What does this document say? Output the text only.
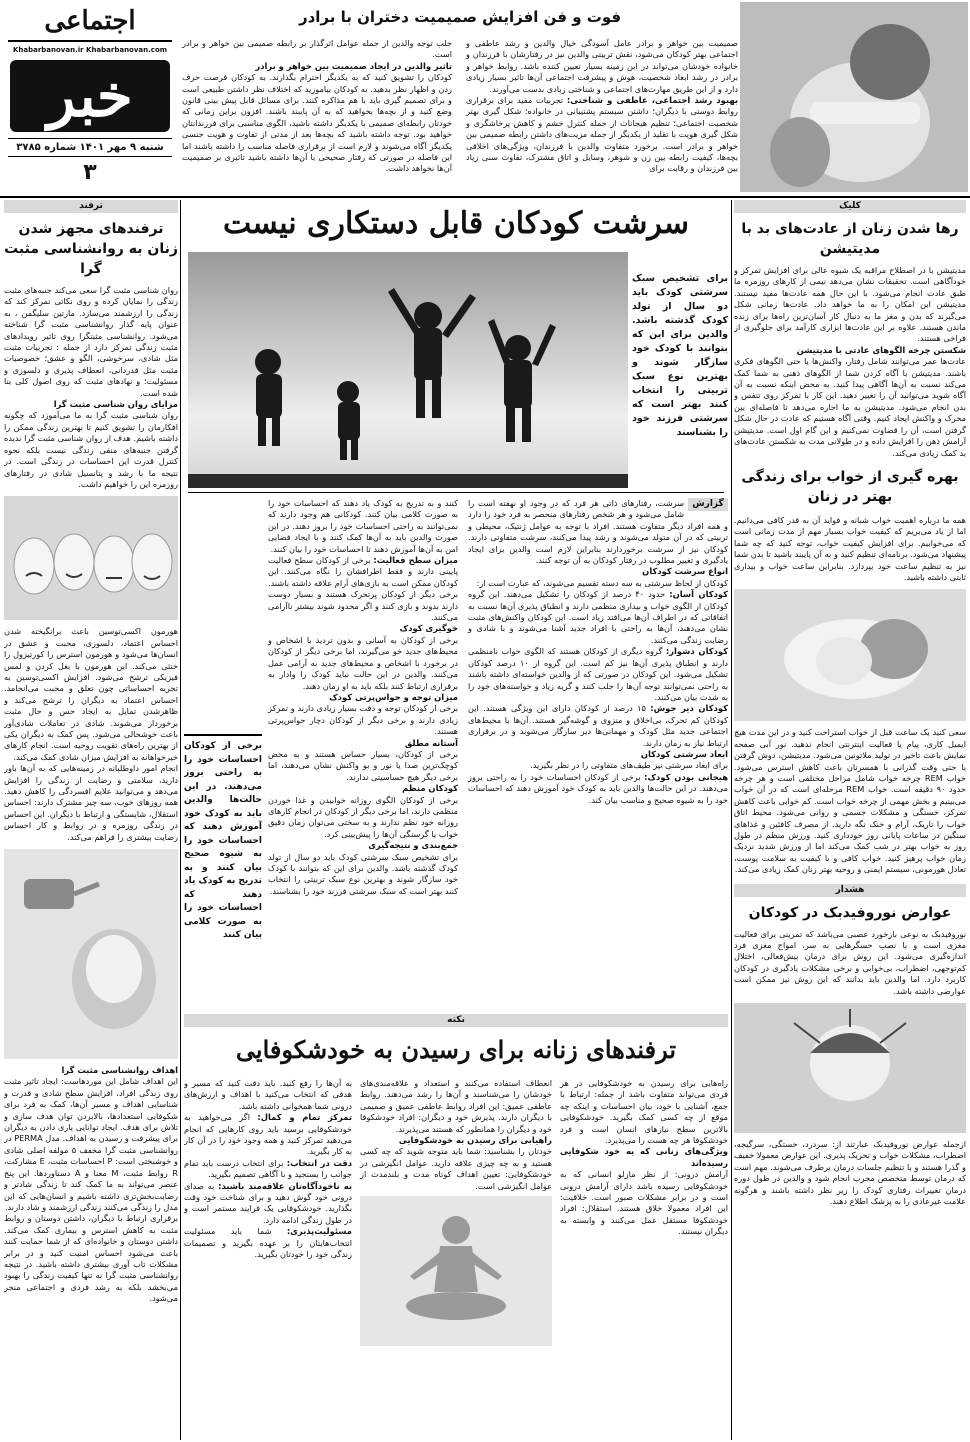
اجتماعی
Khabarbanovan.ir Khabarbanovan.com
خبر
شنبه ۹ مهر ۱۴۰۱ شماره ۳۷۸۵
۳
فوت و فن افزایش صمیمیت دختران با برادر

صمیمیت بین خواهر و برادر عامل آسودگی خیال والدین و رشد عاطفی و اجتماعی بهتر کودکان می‌شود، نقش تربیتی والدین نیز در رفتارشان با فرزندان و خانواده خودشان می‌تواند در این زمینه بسیار تعیین کننده باشد. روابط خواهر و برادر در رشد ابعاد شخصیت، هوش و پیشرفت اجتماعی آن‌ها تاثیر بسیار زیادی دارد و از این طریق مهارت‌های اجتماعی و شناختی زیادی بدست می‌آورند.

بهبود رشد اجتماعی، عاطفی و شناختی: تجربیات مفید برای برقراری روابط دوستی با دیگران؛ داشتن سیستم پشتیبانی در خانواده؛ شکل گیری بهتر شخصیت اجتماعی؛ تنظیم هیجانات از جمله کنترل خشم و کاهش پرخاشگری و شکل گیری هویت با تقلید از یکدیگر از جمله مزیت‌های داشتن رابطه صمیمی بین خواهر و برادر است. برخورد متفاوت والدین با فرزندان، ویژگی‌های اخلاقی بچه‌ها، کیفیت رابطه بین زن و شوهر، وسایل و اتاق مشترک، تفاوت سنی زیاد بین فرزندان و رقابت برای

جلب توجه والدین از جمله عوامل اثرگذار بر رابطه صمیمی بین خواهر و برادر است.

تاثیر والدین در ایجاد صمیمیت بین خواهر و برادر

کودکان را تشویق کنید که به یکدیگر احترام بگذارند. به کودکان فرصت حرف زدن و اظهار نظر بدهید. به کودکان بیاموزید که اختلاف نظر داشتن طبیعی است و برای تصمیم گیری باید با هم مذاکره کنند. برای مسائل قابل پیش بینی قانون وضع کنید و از بچه‌ها بخواهید که به آن پایبند باشند. افزون براین زمانی که خودتان رابطه‌ای صمیمی با یکدیگر داشته باشید، الگوی مناسبی برای فرزندانتان خواهید بود. توجه داشته باشید که بچه‌ها بعد از مدتی از تفاوت و هویت جنسی یکدیگر آگاه می‌شوند و لازم است از برقراری فاصله مناسب را داشته باشند اما این فاصله در صورتی که رفتار صحیحی با آن‌ها داشته باشید تاثیری بر صمیمیت آن‌ها نخواهد داشت.

ترفند
ترفندهای مجهز شدن زنان به روانشناسی مثبت گرا

روان شناسی مثبت گرا سعی می‌کند جنبه‌های مثبت زندگی را نمایان کرده و روی نکاتی تمرکز کند که زندگی را ارزشمند می‌سازد. مارتین سلیگمن ، به عنوان پایه گذار روانشناسی مثبت گرا شناخته می‌شود. روانشناسی مثبتگرا روی تاثیر رویدادهای مثبت زندگی تمرکز دارد از جمله : تجربیات مثبت مثل شادی، سرخوشی، الگو و عشق؛ خصوصیات مثبت مثل قدردانی، انعطاف پذیری و دلسوزی و مسئولیت؛ و نهادهای مثبت که روی اصول کلی بنا شده است.

مزایای روان شناسی مثبت گرا

روان شناسی مثبت گرا به ما می‌آموزد که چگونه افکارمان را تشویق کنیم تا بهترین زندگی ممکن را داشته باشیم. هدف از روان شناسی مثبت گرا ندیده گرفتن جنبه‌های منفی زندگی نیست بلکه نحوه کنترل قدرت این احساسات در زندگی است. در نتیجه ما با رشد و پتانسیل شادی در رفتارهای روزمره این را خواهیم داشت.

هورمون اکسی‌توسین باعث برانگیخته شدن احساس اعتماد، دلسوزی، محبت و عشق در انسان‌ها می‌شود و هورمون استرس را کورتیزول را خنثی می‌کند. این هورمون با بغل کردن و لمس فیزیکی ترشح می‌شود. افزایش اکسی‌توسین به تجربه احساساتی چون تعلق و محبت می‌انجامد. احساس اعتماد به دیگران را ترشح می‌کند و ظاهرشدن تمایل به ایجاد حس و حال مثبت برخوردار می‌شوند. شادی در تعاملات شادی‌آور باعث خوشحالی می‌شود. پس کمک به دیگران یکی از بهترین راه‌های تقویت روحیه است. انجام کارهای خیرخواهانه به افزایش میزان شادی کمک می‌کند.

انجام امور داوطلبانه در زمینه‌هایی که به آن‌ها باور دارید، سلامتی و رضایت از زندگی را افزایش می‌دهد و می‌توانید علایم افسردگی را کاهش دهید. همه روزهای خوب، سه چیز مشترک دارند: احساس استقلال، شایستگی و ارتباط با دیگران. این احساس در زندگی روزمره و در روابط و کار احساس رضایت بیشتری را فراهم می‌کند.

اهداف روانشناسی مثبت گرا

این اهداف شامل این موردهاست: ایجاد تاثیر مثبت روی زندگی افراد، افزایش سطح شادی و قدرت و شناسایی اهداف و مسیر آن‌ها، کمک به فرد برای شکوفایی استعدادها، بالابردن توان هدف سازی و تلاش برای هدف. ایجاد توانایی یاری دادن به دیگران برای پیشرفت و رسیدن به اهداف. مدل PERMA در روانشناسی مثبت گرا مخفف ۵ مولفه اصلی شادی و خوشبختی است: P احساسات مثبت، E مشارکت، R روابط مثبت، M معنا و A دستاوردها. این پنج عنصر می‌تواند به ما کمک کند تا زندگی شادتر و رضایت‌بخش‌تری داشته باشیم و انسان‌هایی که این مدل را زندگی می‌کنند زندگی ارزشمند و شاد دارند.

برقراری ارتباط با دیگران، داشتن دوستان و روابط مثبت به کاهش استرس و بیماری کمک می‌کند. داشتن دوستان و خانواده‌ای که از شما حمایت کنند باعث می‌شود احساس امنیت کنید و در برابر مشکلات تاب آوری بیشتری داشته باشید. در نتیجه روانشناسی مثبت گرا نه تنها کیفیت زندگی را بهبود می‌بخشد بلکه به رشد فردی و اجتماعی منجر می‌شود.

کلیک
رها شدن زنان از عادت‌های بد با مدیتیشن

مدیتیشن یا در اصطلاح مراقبه یک شیوه عالی برای افزایش تمرکز و خودآگاهی است. تحقیقات نشان می‌دهد نیمی از کارهای روزمره ما طبق عادت انجام می‌شود. با این حال همه عادت‌ها مفید نیستند. مدیتیشن این امکان را به ما خواهد داد. عادت‌ها زمانی شکل می‌گیرند که بدن و مغز ما به دنبال کار آسان‌ترین راه‌ها برای زنده ماندن هستند. علاوه بر این عادت‌ها ابزاری کارآمد برای جلوگیری از فراخی هستند.

شکستن چرخه الگوهای عادتی با مدیتیشن

عادت‌ها عمر می‌توانند شامل رفتار، واکنش‌ها یا حتی الگوهای فکری باشند. مدیتیشن با آگاه کردن شما از الگوهای ذهنی به شما کمک می‌کند نسبت به آن‌ها آگاهی پیدا کنید. به محض اینکه نسبت به آن آگاه شوید می‌توانید آن را تغییر دهید. این کار با تمرکز روی تنفس و بدن انجام می‌شود. مدیتیشن به ما اجازه می‌دهد تا فاصله‌ای بین محرک و واکنش ایجاد کنیم. وقتی آگاه هستیم که عادت در حال شکل گرفتن است، آن را قضاوت نمی‌کنیم و این گام اول است. مدیتیشن آرامش ذهن را افزایش داده و در طولانی مدت به شکستن عادت‌های بد کمک زیادی می‌کند.

بهره گیری از خواب برای زندگی بهتر در زنان

همه ما درباره اهمیت خواب شبانه و فواید آن به قدر کافی می‌دانیم. اما از یاد می‌بریم که کیفیت خواب بسیار مهم از مدت زمانی است که می‌خوابیم. برای افزایش کیفیت خواب، توجه کنید که چه شما پیشنهاد می‌شود. برنامه‌ای تنظیم کنید و به آن پایبند باشید تا بدن شما نیز به تنظیم ساعت خود بپردازد. بنابراین ساعت خواب و بیداری ثابتی داشته باشید.

سعی کنید یک ساعت قبل از خواب استراحت کنید و در این مدت هیچ ایمیل کاری، پیام یا فعالیت اینترنتی انجام ندهید. نور آبی صفحه نمایش باعث تاخیر در تولید ملاتونین می‌شود. مدیتیشن، دوش گرفتن یا حتی وقت گذرانی با همسرتان باعث کاهش استرس می‌شود. خواب REM چرخه خواب شامل مراحل مختلفی است و هر چرخه حدود ۹۰ دقیقه است. خواب REM مرحله‌ای است که در آن خواب می‌بینیم و بخش مهمی از چرخه خواب است. کم خوابی باعث کاهش تمرکز، خستگی و مشکلات جسمی و روانی می‌شود. محیط اتاق خواب را تاریک، آرام و خنک نگه دارید. از مصرف کافئین و غذاهای سنگین در ساعات پایانی روز خودداری کنید. ورزش منظم در طول روز به خواب بهتر در شب کمک می‌کند اما از ورزش شدید نزدیک زمان خواب پرهیز کنید. خواب کافی و با کیفیت به سلامت پوست، تعادل هورمونی، سیستم ایمنی و روحیه بهتر زنان کمک زیادی می‌کند.

هشدار
عوارض نوروفیدبک در کودکان

نوروفیدبک به نوعی بازخورد عصبی می‌باشد که تمرینی برای فعالیت مغزی است و با نصب حسگرهایی به سر، امواج مغزی فرد اندازه‌گیری می‌شود. این روش برای درمان بیش‌فعالی، اختلال کم‌توجهی، اضطراب، بی‌خوابی و برخی مشکلات یادگیری در کودکان کاربرد دارد. اما والدین باید بدانند که این روش نیز ممکن است عوارضی داشته باشد.

ازجمله عوارض نوروفیدبک عبارتند از: سردرد، خستگی، سرگیجه، اضطراب، مشکلات خواب و تحریک پذیری. این عوارض معمولا خفیف و گذرا هستند و با تنظیم جلسات درمان برطرف می‌شوند. مهم است که درمان توسط متخصص مجرب انجام شود و والدین در طول دوره درمان تغییرات رفتاری کودک را زیر نظر داشته باشند و هرگونه علامت غیرعادی را به پزشک اطلاع دهند.

سرشت کودکان قابل دستکاری نیست

برای تشخیص سبک سرشتی کودک باید دو سال از تولد کودک گذشته باشد. والدین برای این که بتوانند با کودک خود سازگار شوند و بهترین نوع سبک تربیتی را انتخاب کنند بهتر است که سرشتی فرزند خود را بشناسند

گزارش

سرشت، رفتارهای ذاتی هر فرد که در وجود او نهفته است را شامل می‌شود و هر شخص رفتارهای منحصر به فرد خود را دارد و همه افراد دیگر متفاوت هستند. افراد با توجه به عوامل ژنتیک، محیطی و تربیتی که در آن متولد می‌شوند و رشد پیدا می‌کنند، سرشت متفاوتی دارند. کودکان نیز از سرشت برخوردارند بنابراین لازم است والدین برای ایجاد یادگیری و تغییر مطلوب در رفتار کودکان به آن توجه کنند.

انواع سرشت کودکان

کودکان از لحاظ سرشتی به سه دسته تقسیم می‌شوند، که عبارت است از:

کودکان آسان: حدود ۴۰ درصد از کودکان را تشکیل می‌دهند. این گروه کودکان از الگوی خواب و بیداری منظمی دارند و انطباق پذیری آن‌ها نسبت به اتفاقاتی که در اطراف آن‌ها می‌افتد زیاد است. این کودکان واکنش‌های مثبت نشان می‌دهند، آن‌ها به راحتی با افراد جدید آشنا می‌شوند و با شادی و رضایت زندگی می‌کنند.

کودکان دشوار: گروه دیگری از کودکان هستند که الگوی خواب نامنظمی دارند و انطباق پذیری آن‌ها نیز کم است. این گروه از ۱۰ درصد کودکان تشکیل می‌شود. این کودکان در صورتی که از والدین خواسته‌ای داشته باشند به راحتی نمی‌توانند توجه آن‌ها را جلب کنند و گریه زیاد و خواسته‌های خود را به شدت بیان می‌کنند.

کودکان دیر جوش: ۱۵ درصد از کودکان دارای این ویژگی هستند. این کودکان کم تحرک، بی‌اخلاق و منزوی و گوشه‌گیر هستند. آن‌ها با محیط‌های اجتماعی جدید مثل کودک و مهمانی‌ها دیر سازگار می‌شوند و در برقراری ارتباط نیاز به زمان دارند.

ابعاد سرشتی کودکان

برای ابعاد سرشتی نیز طیف‌های متفاوتی را در نظر بگیرید.

هیجانی بودن کودک: برخی از کودکان احساسات خود را به راحتی بروز می‌دهند. در این حالت‌ها والدین باید به کودک خود آموزش دهند که احساسات خود را به شیوه صحیح و مناسب بیان کند.

کنند و به تدریج به کودک یاد دهند که احساسات خود را به صورت کلامی بیان کنند. کودکانی هم وجود دارند که نمی‌توانند به راحتی احساسات خود را بروز دهند. در این صورت والدین باید به آن‌ها کمک کنند و با ایجاد فضایی امن به آن‌ها آموزش دهند تا احساسات خود را بیان کنند.

میزان سطح فعالیت: برخی از کودکان سطح فعالیت پایینی دارند و فقط اطرافشان را نگاه می‌کنند. این کودکان ممکن است به بازی‌های آرام علاقه داشته باشند. برخی دیگر از کودکان پرتحرک هستند و بسیار دوست دارند بدوند و بازی کنند و اگر محدود شوند بیشتر ناآرامی می‌کنند.

خوگیری کودک

برخی از کودکان به آسانی و بدون تردید با اشخاص و محیط‌های جدید خو می‌گیرند، اما برخی دیگر از کودکان در برخورد با اشخاص و محیط‌های جدید به آرامی عمل می‌کنند. والدین در این حالت نباید کودک را وادار به برقراری ارتباط کنند بلکه باید به او زمان دهند.

میزان توجه و حواس‌پرتی کودک

برخی از کودکان توجه و دقت بسیار زیادی دارند و تمرکز زیادی دارند و برخی دیگر از کودکان دچار حواس‌پرتی هستند.

آستانه مطلق

برخی از کودکان، بسیار حساس هستند و به محض کوچک‌ترین صدا یا نور و بو واکنش نشان می‌دهند، اما برخی دیگر هیچ حساسیتی ندارند.

کودکان منظم

برخی از کودکان الگوی روزانه خوابیدن و غذا خوردن منظمی دارند، اما برخی دیگر از کودکان در انجام کارهای روزانه خود نظم ندارند و به سختی می‌توان زمان دقیق خواب یا گرسنگی آن‌ها را پیش‌بینی کرد.

جمع‌بندی و نتیجه‌گیری

برای تشخیص سبک سرشتی کودک باید دو سال از تولد کودک گذشته باشد. والدین برای این که بتوانند با کودک خود سازگار شوند و بهترین نوع سبک تربیتی را انتخاب کنند بهتر است که سبک سرشتی فرزند خود را بشناسند.

برخی از کودکان احساسات خود را به راحتی بروز می‌دهند. در این حالت‌ها والدین باید به کودک خود آموزش دهند که احساسات خود را به شیوه صحیح بیان کنند و به تدریج به کودک یاد دهند که احساسات خود را به صورت کلامی بیان کنند

نکته
ترفندهای زنانه برای رسیدن به خودشکوفایی

راه‌هایی برای رسیدن به خودشکوفایی در هر فردی می‌تواند متفاوت باشد از جمله: ارتباط با جمع، آشنایی با خود، بیان احساسات و اینکه چه موقع از چه کسی کمک بگیرید. خودشکوفایی بالاترین سطح نیازهای انسان است و فرد خودشکوفا هر چه هست را می‌پذیرد.

ویژگی‌های زنانی که به خود شکوفایی رسیده‌اند

آرامش درونی: از نظر مازلو انسانی که به خودشکوفایی رسیده باشد دارای آرامش درونی است و در برابر مشکلات صبور است. خلاقیت: این افراد معمولا خلاق هستند. استقلال: افراد خودشکوفا مستقل عمل می‌کنند و وابسته به دیگران نیستند.

انعطاف استفاده می‌کنند و استعداد و علاقه‌مندی‌های خودشان را می‌شناسند و آن‌ها را رشد می‌دهند. روابط عاطفی عمیق: این افراد روابط عاطفی عمیق و صمیمی با دیگران دارند. پذیرش خود و دیگران: افراد خودشکوفا خود و دیگران را همانطور که هستند می‌پذیرند.

راهیابی برای رسیدن به خودشکوفایی

خودتان را بشناسید: شما باید متوجه شوید که چه کسی هستید و به چه چیزی علاقه دارید. عوامل انگیزشی در خودشکوفایی: تعیین اهداف کوتاه مدت و بلندمدت از عوامل انگیزشی است.

به آن‌ها را رفع کنید. باید دقت کنید که مسیر و هدفی که انتخاب می‌کنید با اهداف و ارزش‌های درونی شما همخوانی داشته باشد.

تمرکز تمام و کمال: اگر می‌خواهید به خودشکوفایی برسید باید روی کارهایی که انجام می‌دهید تمرکز کنید و همه وجود خود را در آن کار به کار بگیرید.

دقت در انتخاب: برای انتخاب درست باید تمام جوانب را بسنجید و با آگاهی تصمیم بگیرید.

به ناخودآگاه‌تان علاقه‌مند باشید: به صدای درونی خود گوش دهید و برای شناخت خود وقت بگذارید. خودشکوفایی یک فرایند مستمر است و در طول زندگی ادامه دارد.

مسئولیت‌پذیری: شما باید مسئولیت انتخاب‌هایتان را بر عهده بگیرید و تصمیمات زندگی خود را خودتان بگیرید.
